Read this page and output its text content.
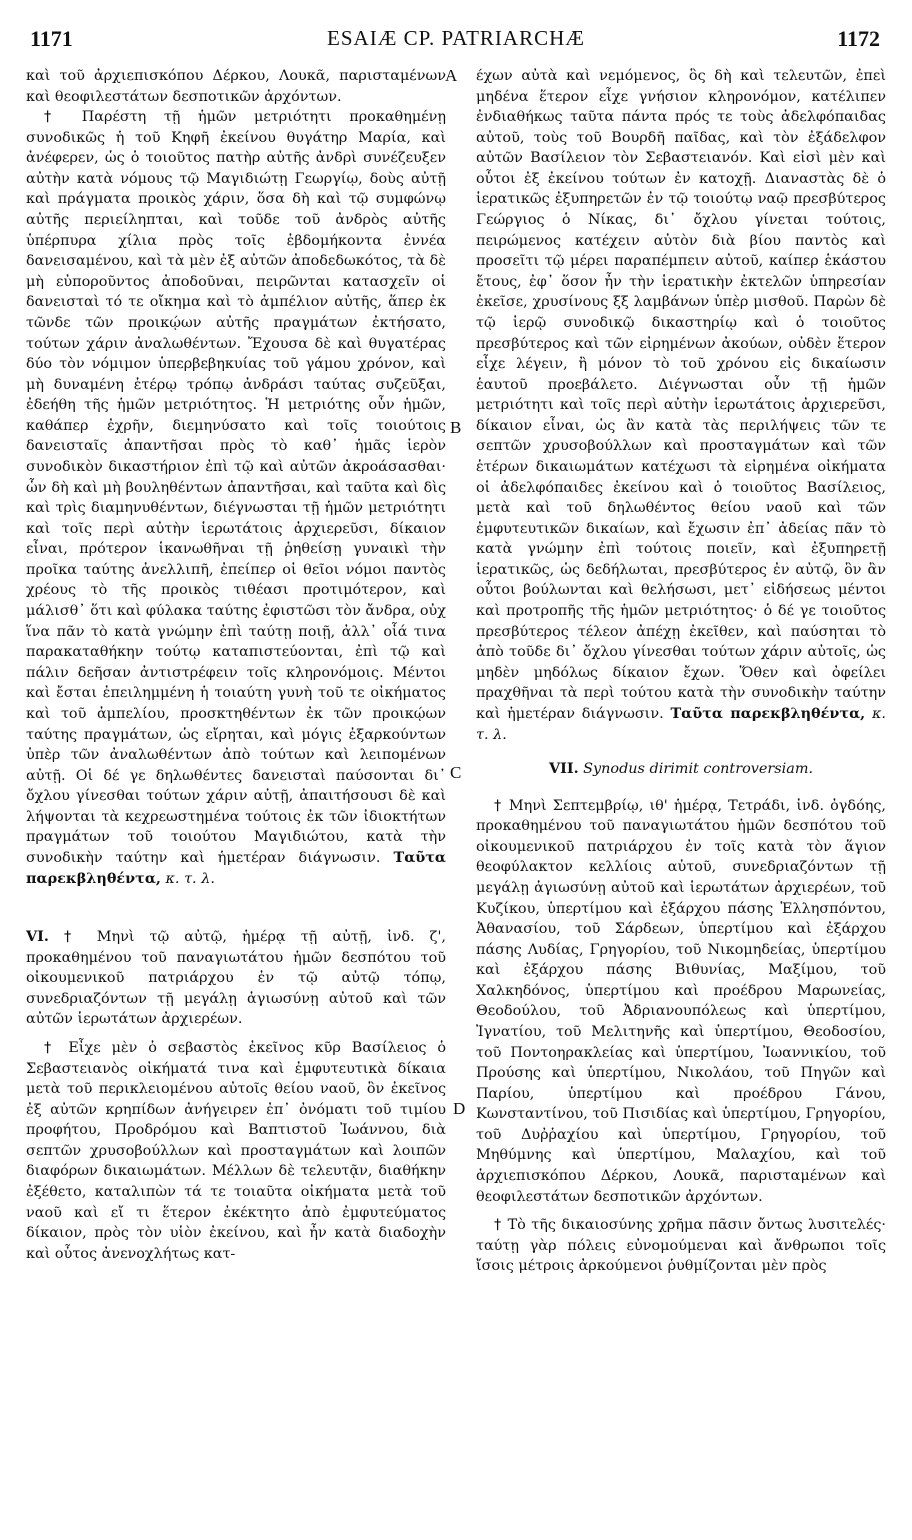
1171	ESAIÆ CP. PATRIARCHÆ	1172
A
B
C
D

καὶ τοῦ ἀρχιεπισκόπου Δέρκου, Λουκᾶ, παρισταμένων καὶ θεοφιλεστάτων δεσποτικῶν ἀρχόντων.

† Παρέστη τῇ ἡμῶν μετριότητι προκαθημένῃ συνοδικῶς ἡ τοῦ Κηφῆ ἐκείνου θυγάτηρ Μαρία, καὶ ἀνέφερεν, ὡς ὁ τοιοῦτος πατὴρ αὐτῆς ἀνδρὶ συνέζευξεν αὐτὴν κατὰ νόμους τῷ Μαγιδιώτῃ Γεωργίῳ, δοὺς αὐτῇ καὶ πράγματα προικὸς χάριν, ὅσα δὴ καὶ τῷ συμφώνῳ αὐτῆς περιείληπται, καὶ τοῦδε τοῦ ἀνδρὸς αὐτῆς ὑπέρπυρα χίλια πρὸς τοῖς ἑβδομήκοντα ἐννέα δανεισαμένου, καὶ τὰ μὲν ἐξ αὐτῶν ἀποδεδωκότος, τὰ δὲ μὴ εὐποροῦντος ἀποδοῦναι, πειρῶνται κατασχεῖν οἱ δανεισταὶ τό τε οἴκημα καὶ τὸ ἀμπέλιον αὐτῆς, ἅπερ ἐκ τῶνδε τῶν προικῴων αὐτῆς πραγμάτων ἐκτήσατο, τούτων χάριν ἀναλωθέντων. Ἔχουσα δὲ καὶ θυγατέρας δύο τὸν νόμιμον ὑπερβεβηκυίας τοῦ γάμου χρόνον, καὶ μὴ δυναμένη ἑτέρῳ τρόπῳ ἀνδράσι ταύτας συζεῦξαι, ἐδεήθη τῆς ἡμῶν μετριότητος. Ἡ μετριότης οὖν ἡμῶν, καθάπερ ἐχρῆν, διεμηνύσατο καὶ τοῖς τοιούτοις δανεισταῖς ἀπαντῆσαι πρὸς τὸ καθ᾽ ἡμᾶς ἱερὸν συνοδικὸν δικαστήριον ἐπὶ τῷ καὶ αὐτῶν ἀκροάσασθαι· ὧν δὴ καὶ μὴ βουληθέντων ἀπαντῆσαι, καὶ ταῦτα καὶ δὶς καὶ τρὶς διαμηνυθέντων, διέγνωσται τῇ ἡμῶν μετριότητι καὶ τοῖς περὶ αὐτὴν ἱερωτάτοις ἀρχιερεῦσι, δίκαιον εἶναι, πρότερον ἱκανωθῆναι τῇ ῥηθείσῃ γυναικὶ τὴν προῖκα ταύτης ἀνελλιπῆ, ἐπείπερ οἱ θεῖοι νόμοι παντὸς χρέους τὸ τῆς προικὸς τιθέασι προτιμότερον, καὶ μάλισθ᾽ ὅτι καὶ φύλακα ταύτης ἐφιστῶσι τὸν ἄνδρα, οὐχ ἵνα πᾶν τὸ κατὰ γνώμην ἐπὶ ταύτῃ ποιῇ, ἀλλ᾽ οἷά τινα παρακαταθήκην τούτῳ καταπιστεύονται, ἐπὶ τῷ καὶ πάλιν δεῆσαν ἀντιστρέφειν τοῖς κληρονόμοις. Μέντοι καὶ ἔσται ἐπειλημμένη ἡ τοιαύτη γυνὴ τοῦ τε οἰκήματος καὶ τοῦ ἀμπελίου, προσκτηθέντων ἐκ τῶν προικῴων ταύτης πραγμάτων, ὡς εἴρηται, καὶ μόγις ἐξαρκούντων ὑπὲρ τῶν ἀναλωθέντων ἀπὸ τούτων καὶ λειπομένων αὐτῇ. Οἱ δέ γε δηλωθέντες δανεισταὶ παύσονται δι᾽ ὄχλου γίνεσθαι τούτων χάριν αὐτῇ, ἀπαιτήσουσι δὲ καὶ λήψονται τὰ κεχρεωστημένα τούτοις ἐκ τῶν ἰδιοκτήτων πραγμάτων τοῦ τοιούτου Μαγιδιώτου, κατὰ τὴν συνοδικὴν ταύτην καὶ ἡμετέραν διάγνωσιν. Ταῦτα παρεκβληθέντα, κ. τ. λ.

VI. † Μηνὶ τῷ αὐτῷ, ἡμέρᾳ τῇ αὐτῇ, ἰνδ. ζ', προκαθημένου τοῦ παναγιωτάτου ἡμῶν δεσπότου τοῦ οἰκουμενικοῦ πατριάρχου ἐν τῷ αὐτῷ τόπῳ, συνεδριαζόντων τῇ μεγάλῃ ἁγιωσύνῃ αὐτοῦ καὶ τῶν αὐτῶν ἱερωτάτων ἀρχιερέων.

† Εἶχε μὲν ὁ σεβαστὸς ἐκεῖνος κῦρ Βασίλειος ὁ Σεβαστειανὸς οἰκήματά τινα καὶ ἐμφυτευτικὰ δίκαια μετὰ τοῦ περικλειομένου αὐτοῖς θείου ναοῦ, ὃν ἐκεῖνος ἐξ αὐτῶν κρηπίδων ἀνήγειρεν ἐπ᾽ ὀνόματι τοῦ τιμίου προφήτου, Προδρόμου καὶ Βαπτιστοῦ Ἰωάννου, διὰ σεπτῶν χρυσοβούλλων καὶ προσταγμάτων καὶ λοιπῶν διαφόρων δικαιωμάτων. Μέλλων δὲ τελευτᾷν, διαθήκην ἐξέθετο, καταλιπὼν τά τε τοιαῦτα οἰκήματα μετὰ τοῦ ναοῦ καὶ εἴ τι ἕτερον ἐκέκτητο ἀπὸ ἐμφυτεύματος δίκαιον, πρὸς τὸν υἱὸν ἐκείνου, καὶ ἦν κατὰ διαδοχὴν καὶ οὗτος ἀνενοχλήτως κατ-

έχων αὐτὰ καὶ νεμόμενος, ὃς δὴ καὶ τελευτῶν, ἐπεὶ μηδένα ἕτερον εἶχε γνήσιον κληρονόμον, κατέλιπεν ἐνδιαθήκως ταῦτα πάντα πρός τε τοὺς ἀδελφόπαιδας αὐτοῦ, τοὺς τοῦ Βουρδῆ παῖδας, καὶ τὸν ἐξάδελφον αὐτῶν Βασίλειον τὸν Σεβαστειανόν. Καὶ εἰσὶ μὲν καὶ οὗτοι ἐξ ἐκείνου τούτων ἐν κατοχῇ. Διαναστὰς δὲ ὁ ἱερατικῶς ἐξυπηρετῶν ἐν τῷ τοιούτῳ ναῷ πρεσβύτερος Γεώργιος ὁ Νίκας, δι᾽ ὄχλου γίνεται τούτοις, πειρώμενος κατέχειν αὐτὸν διὰ βίου παντὸς καὶ προσεῖτι τῷ μέρει παραπέμπειν αὐτοῦ, καίπερ ἑκάστου ἔτους, ἐφ᾽ ὅσον ἦν τὴν ἱερατικὴν ἐκτελῶν ὑπηρεσίαν ἐκεῖσε, χρυσίνους ξξ λαμβάνων ὑπὲρ μισθοῦ. Παρὼν δὲ τῷ ἱερῷ συνοδικῷ δικαστηρίῳ καὶ ὁ τοιοῦτος πρεσβύτερος καὶ τῶν εἰρημένων ἀκούων, οὐδὲν ἕτερον εἶχε λέγειν, ἢ μόνον τὸ τοῦ χρόνου εἰς δικαίωσιν ἑαυτοῦ προεβάλετο. Διέγνωσται οὖν τῇ ἡμῶν μετριότητι καὶ τοῖς περὶ αὐτὴν ἱερωτάτοις ἀρχιερεῦσι, δίκαιον εἶναι, ὡς ἂν κατὰ τὰς περιλήψεις τῶν τε σεπτῶν χρυσοβούλλων καὶ προσταγμάτων καὶ τῶν ἑτέρων δικαιωμάτων κατέχωσι τὰ εἰρημένα οἰκήματα οἱ ἀδελφόπαιδες ἐκείνου καὶ ὁ τοιοῦτος Βασίλειος, μετὰ καὶ τοῦ δηλωθέντος θείου ναοῦ καὶ τῶν ἐμφυτευτικῶν δικαίων, καὶ ἔχωσιν ἐπ᾽ ἀδείας πᾶν τὸ κατὰ γνώμην ἐπὶ τούτοις ποιεῖν, καὶ ἐξυπηρετῇ ἱερατικῶς, ὡς δεδήλωται, πρεσβύτερος ἐν αὐτῷ, ὃν ἂν οὗτοι βούλωνται καὶ θελήσωσι, μετ᾽ εἰδήσεως μέντοι καὶ προτροπῆς τῆς ἡμῶν μετριότητος· ὁ δέ γε τοιοῦτος πρεσβύτερος τέλεον ἀπέχῃ ἐκεῖθεν, καὶ παύσηται τὸ ἀπὸ τοῦδε δι᾽ ὄχλου γίνεσθαι τούτων χάριν αὐτοῖς, ὡς μηδὲν μηδόλως δίκαιον ἔχων. Ὅθεν καὶ ὀφείλει πραχθῆναι τὰ περὶ τούτου κατὰ τὴν συνοδικὴν ταύτην καὶ ἡμετέραν διάγνωσιν. Ταῦτα παρεκβληθέντα, κ. τ. λ.

VII. Synodus dirimit controversiam.

† Μηνὶ Σεπτεμβρίῳ, ιθ' ἡμέρᾳ, Τετράδι, ἰνδ. ὀγδόης, προκαθημένου τοῦ παναγιωτάτου ἡμῶν δεσπότου τοῦ οἰκουμενικοῦ πατριάρχου ἐν τοῖς κατὰ τὸν ἅγιον θεοφύλακτον κελλίοις αὐτοῦ, συνεδριαζόντων τῇ μεγάλῃ ἁγιωσύνῃ αὐτοῦ καὶ ἱερωτάτων ἀρχιερέων, τοῦ Κυζίκου, ὑπερτίμου καὶ ἐξάρχου πάσης Ἑλλησπόντου, Ἀθανασίου, τοῦ Σάρδεων, ὑπερτίμου καὶ ἐξάρχου πάσης Λυδίας, Γρηγορίου, τοῦ Νικομηδείας, ὑπερτίμου καὶ ἐξάρχου πάσης Βιθυνίας, Μαξίμου, τοῦ Χαλκηδόνος, ὑπερτίμου καὶ προέδρου Μαρωνείας, Θεοδούλου, τοῦ Ἀδριανουπόλεως καὶ ὑπερτίμου, Ἰγνατίου, τοῦ Μελιτηνῆς καὶ ὑπερτίμου, Θεοδοσίου, τοῦ Ποντοηρακλείας καὶ ὑπερτίμου, Ἰωαννικίου, τοῦ Προύσης καὶ ὑπερτίμου, Νικολάου, τοῦ Πηγῶν καὶ Παρίου, ὑπερτίμου καὶ προέδρου Γάνου, Κωνσταντίνου, τοῦ Πισιδίας καὶ ὑπερτίμου, Γρηγορίου, τοῦ Δυῤῥαχίου καὶ ὑπερτίμου, Γρηγορίου, τοῦ Μηθύμνης καὶ ὑπερτίμου, Μαλαχίου, καὶ τοῦ ἀρχιεπισκόπου Δέρκου, Λουκᾶ, παρισταμένων καὶ θεοφιλεστάτων δεσποτικῶν ἀρχόντων.

† Τὸ τῆς δικαιοσύνης χρῆμα πᾶσιν ὄντως λυσιτελές· ταύτῃ γὰρ πόλεις εὐνομούμεναι καὶ ἄνθρωποι τοῖς ἴσοις μέτροις ἀρκούμενοι ῥυθμίζονται μὲν πρὸς
